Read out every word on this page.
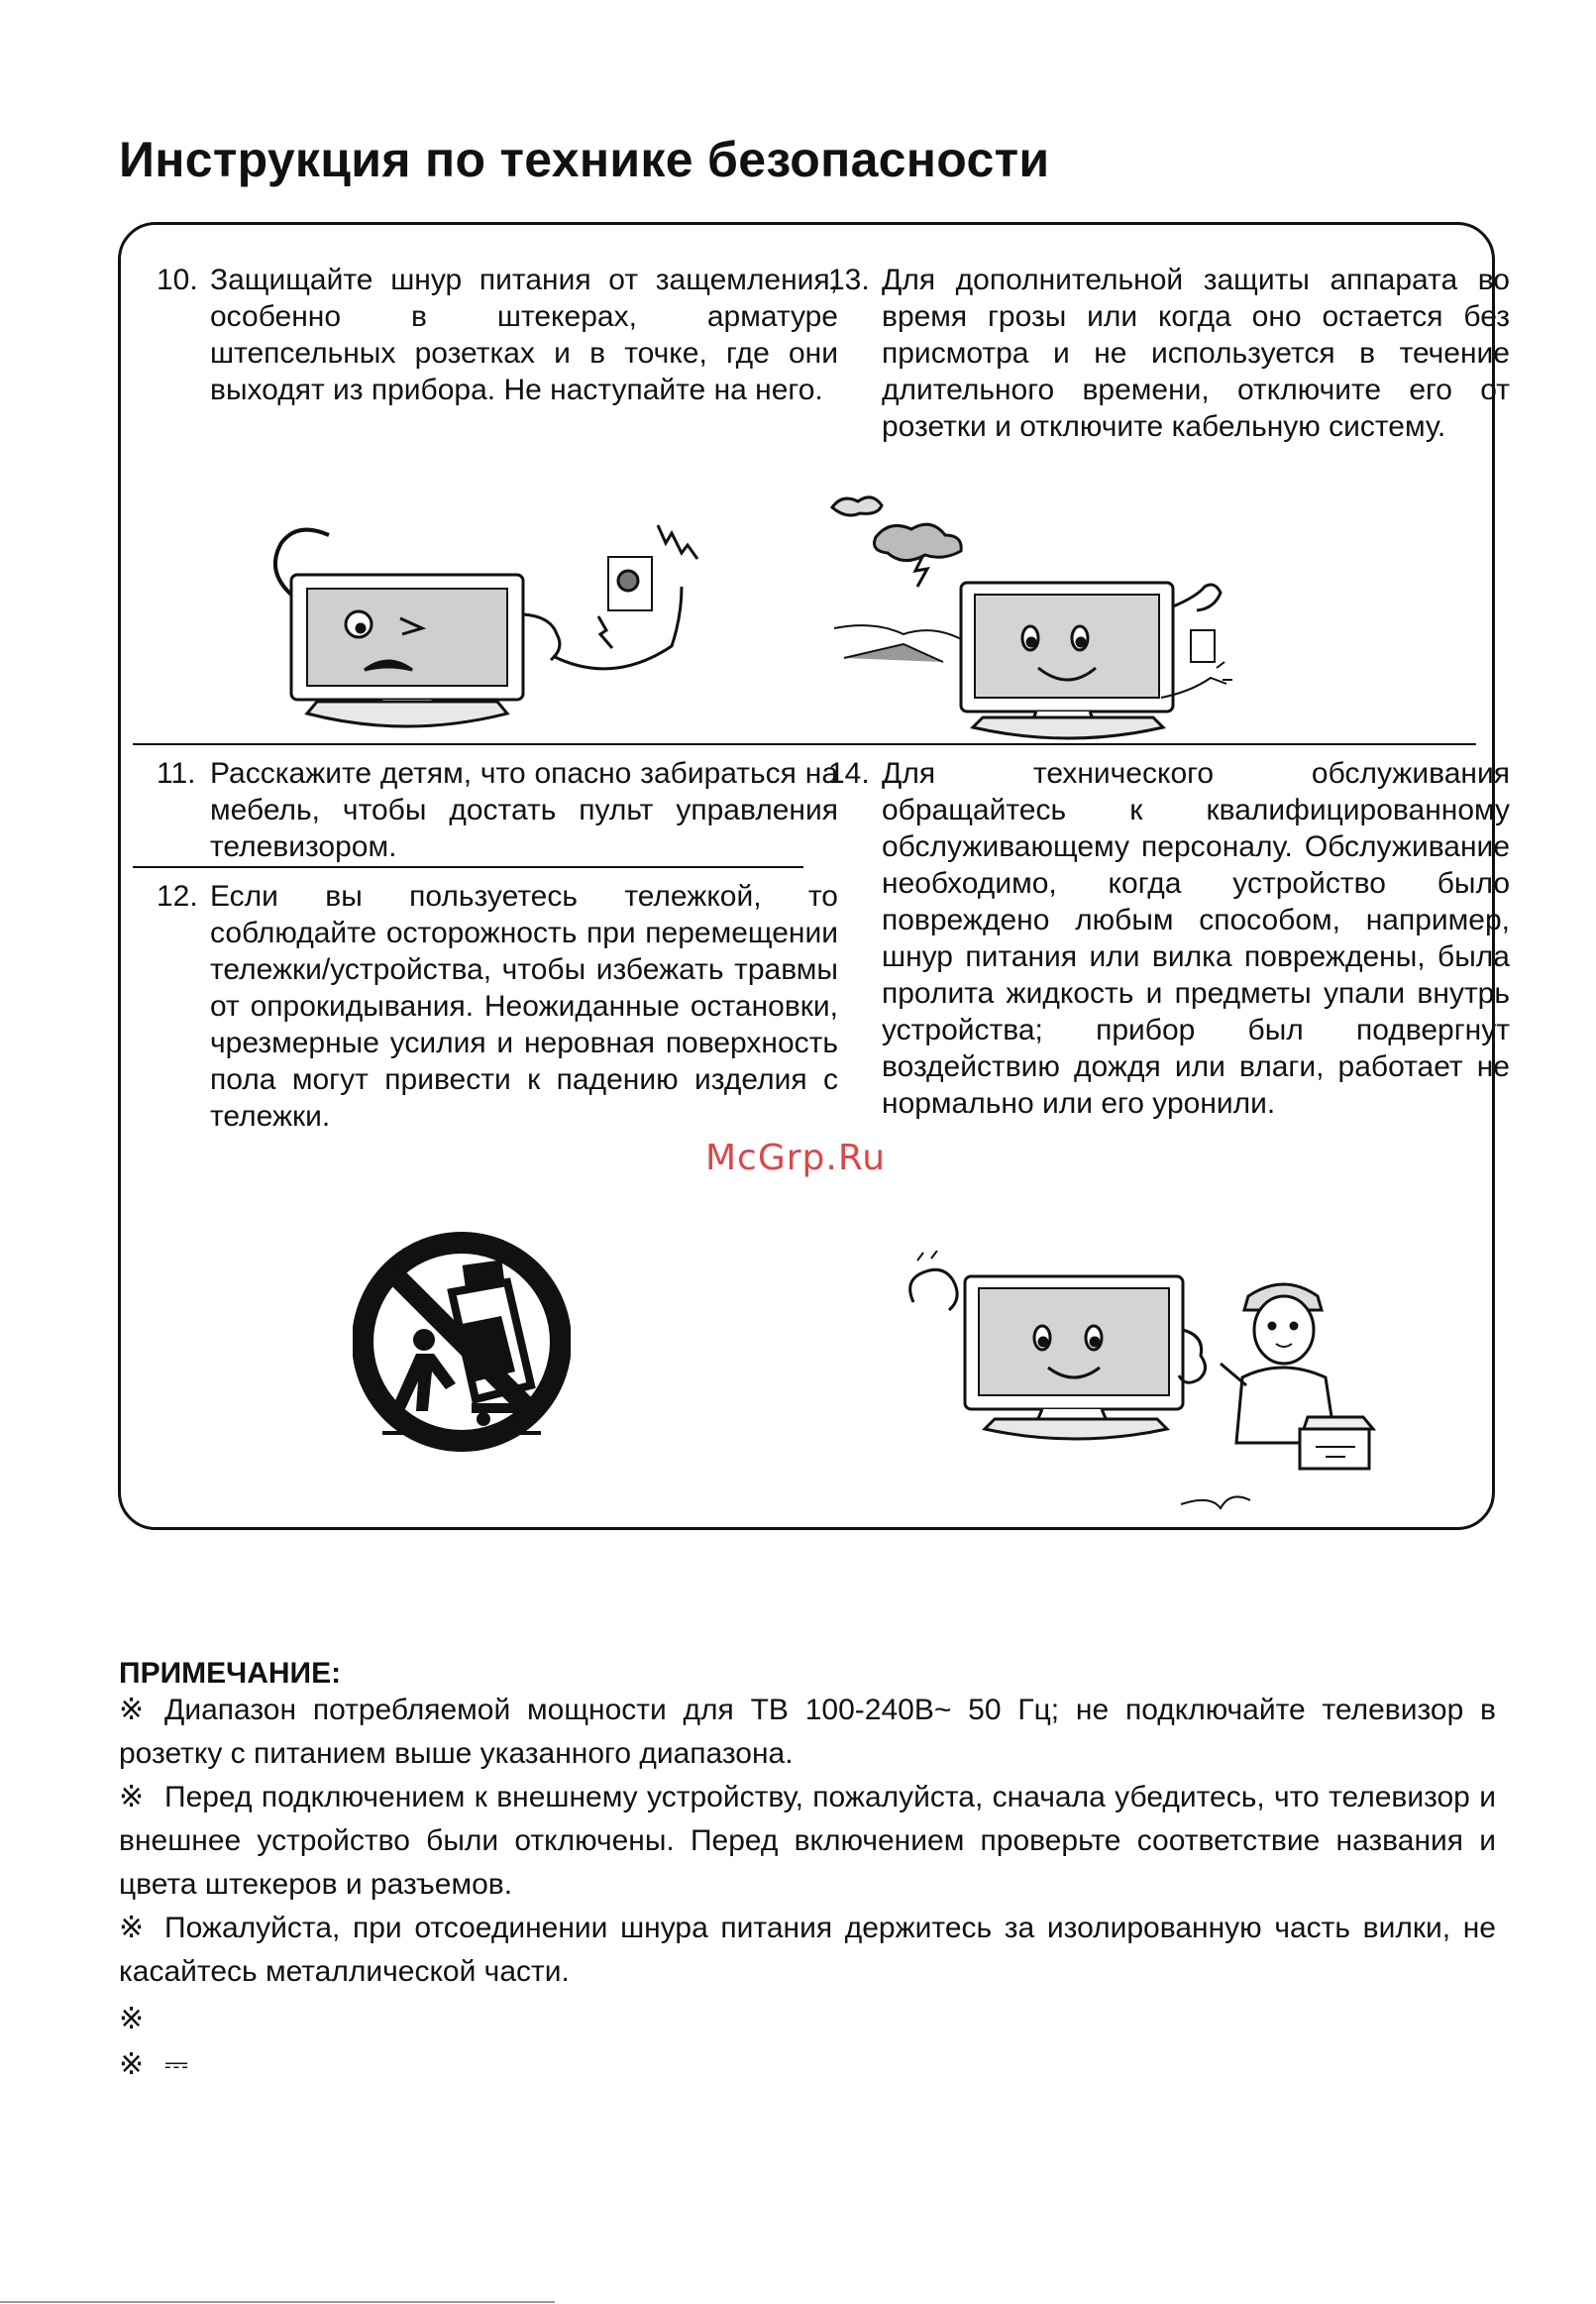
Инструкция по технике безопасности
10. Защищайте шнур питания от защемления, особенно в штекерах, арматуре штепсельных розетках и в точке, где они выходят из прибора. Не наступайте на него.
13. Для дополнительной защиты аппарата во время грозы или когда оно остается без присмотра и не используется в течение длительного времени, отключите его от розетки и отключите кабельную систему.
11. Расскажите детям, что опасно забираться на мебель, чтобы достать пульт управления телевизором.
12. Если вы пользуетесь тележкой, то соблюдайте осторожность при перемещении тележки/устройства, чтобы избежать травмы от опрокидывания. Неожиданные остановки, чрезмерные усилия и неровная поверхность пола могут привести к падению изделия с тележки.
14. Для технического обслуживания обращайтесь к квалифицированному обслуживающему персоналу. Обслуживание необходимо, когда устройство было повреждено любым способом, например, шнур питания или вилка повреждены, была пролита жидкость и предметы упали внутрь устройства; прибор был подвергнут воздействию дождя или влаги, работает не нормально или его уронили.
McGrp.Ru
ПРИМЕЧАНИЕ:
※ Диапазон потребляемой мощности для ТВ 100-240В~ 50 Гц; не подключайте телевизор в розетку с питанием выше указанного диапазона.
※ Перед подключением к внешнему устройству, пожалуйста, сначала убедитесь, что телевизор и внешнее устройство были отключены. Перед включением проверьте соответствие названия и цвета штекеров и разъемов.
※ Пожалуйста, при отсоединении шнура питания держитесь за изолированную часть вилки, не касайтесь металлической части.
※
※ ⎓
